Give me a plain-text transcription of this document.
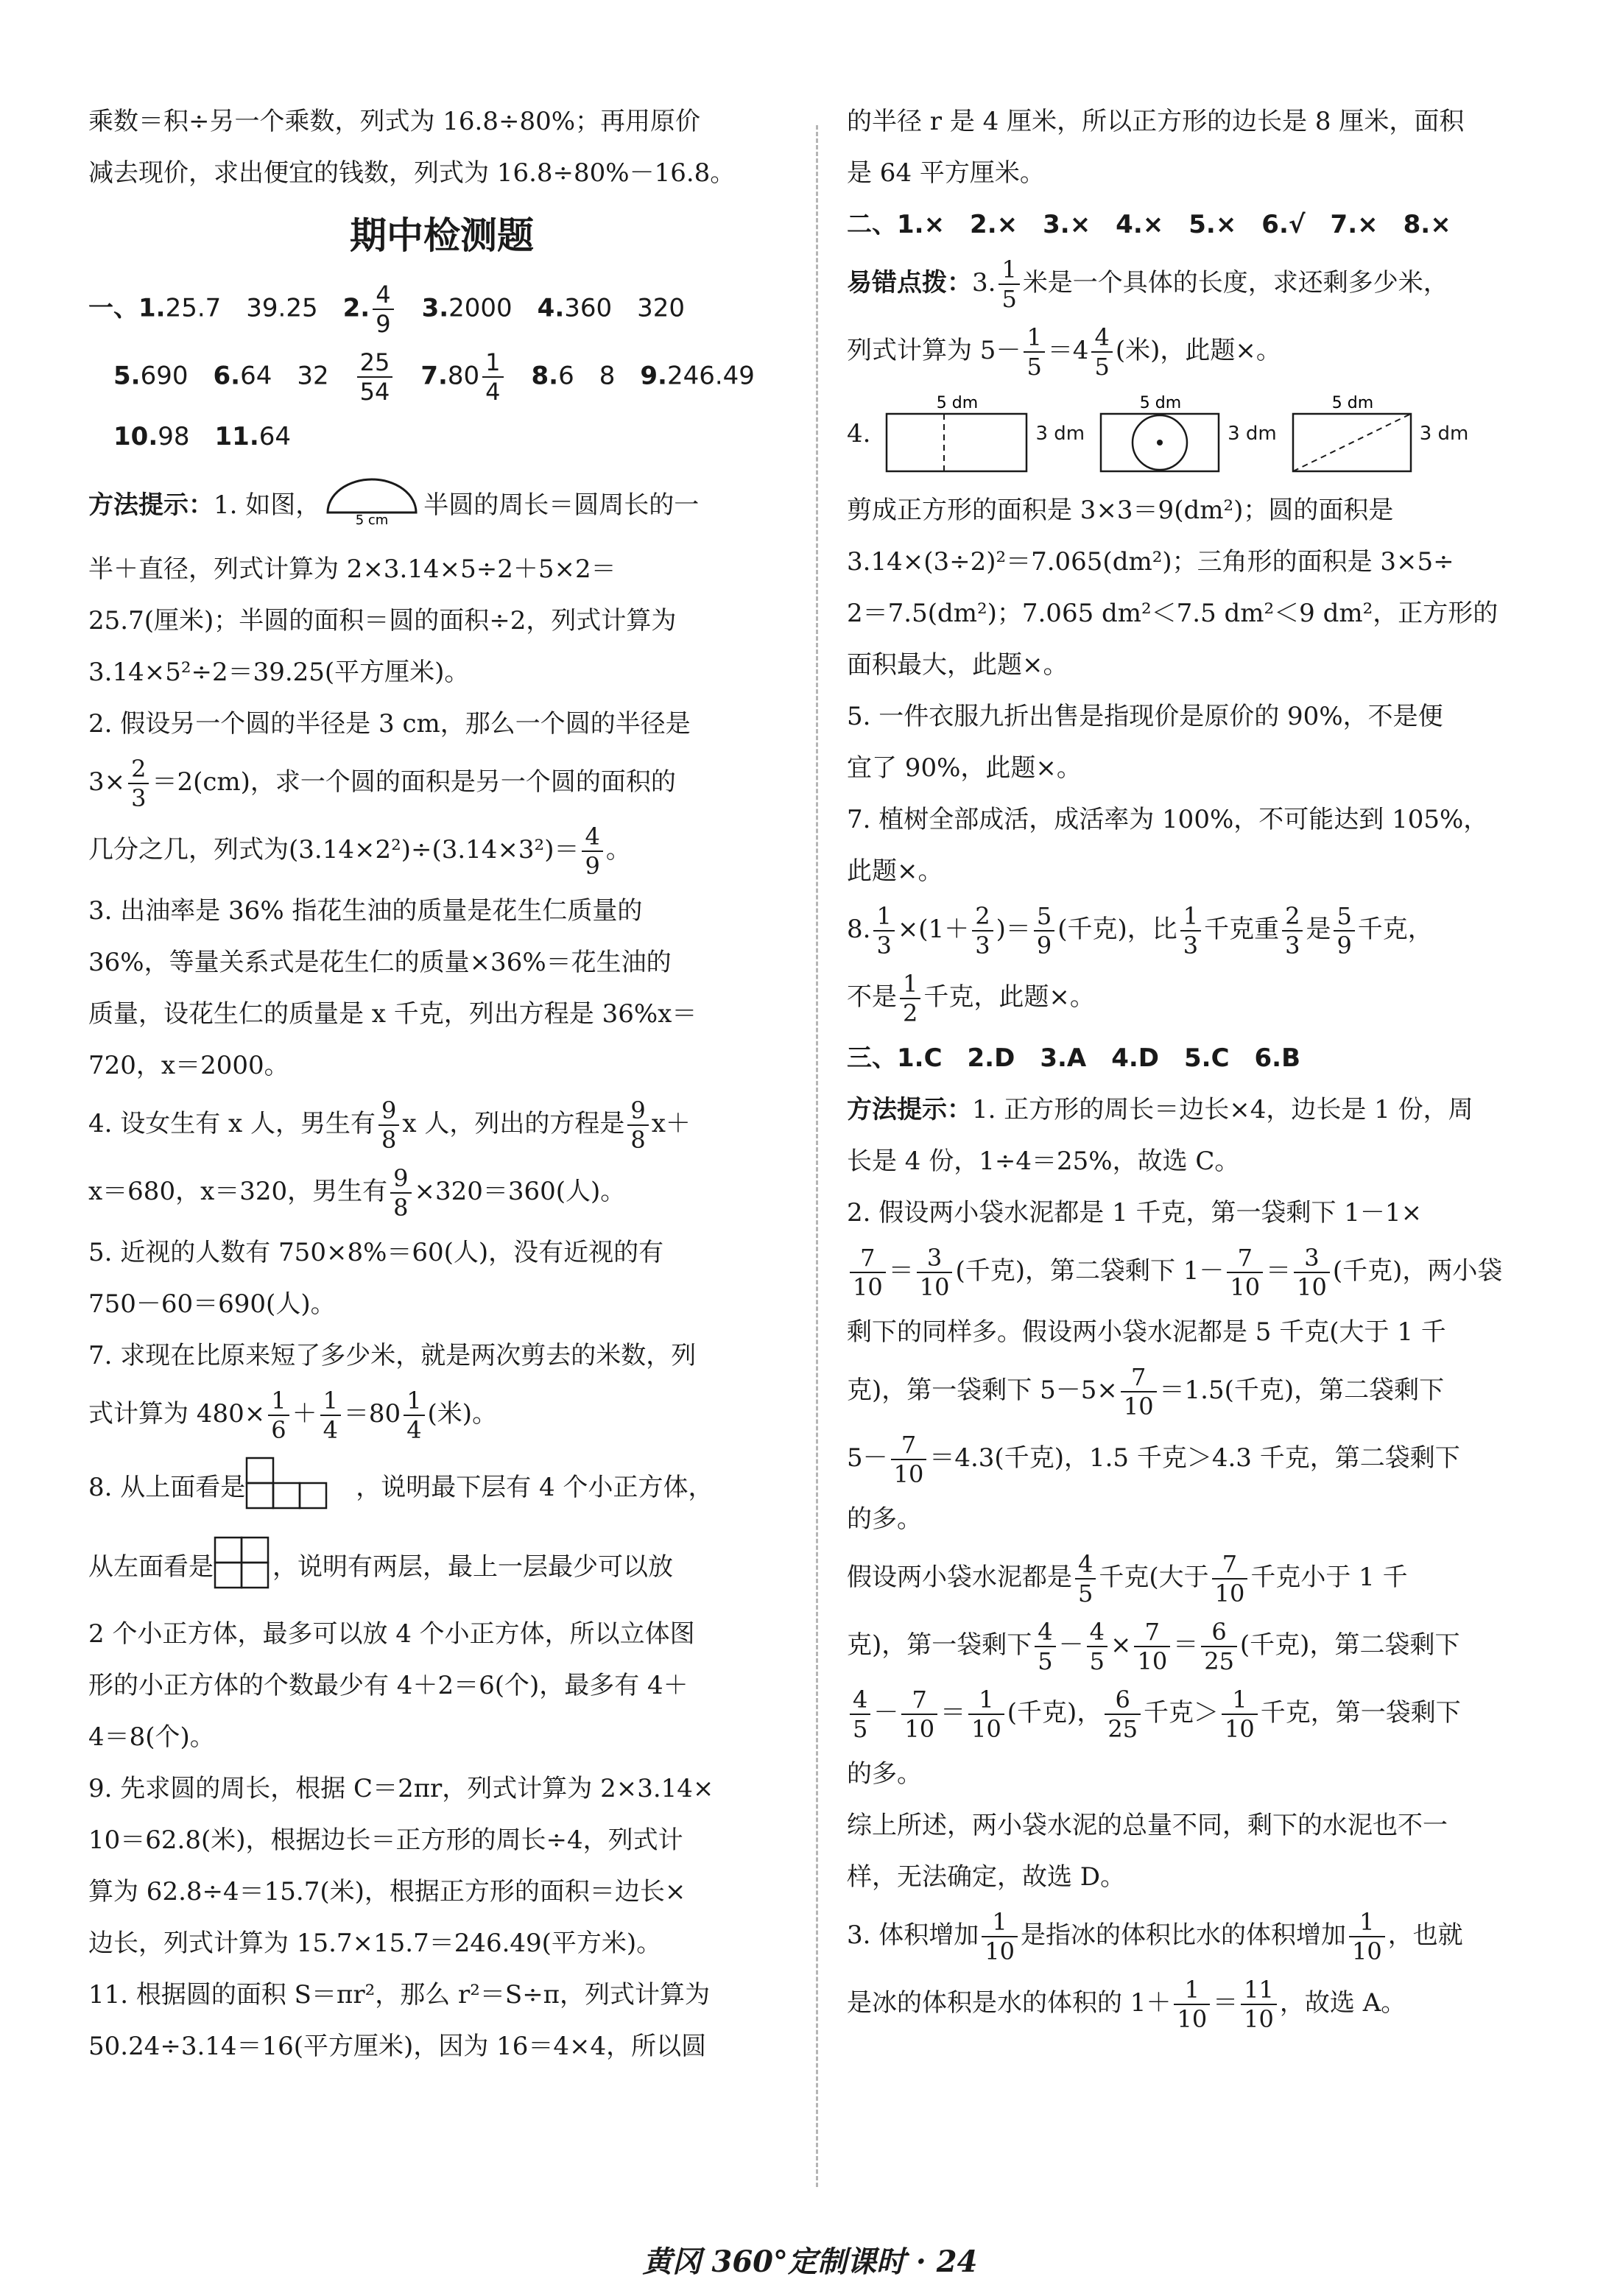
乘数＝积÷另一个乘数，列式为 16.8÷80%；再用原价
减去现价，求出便宜的钱数，列式为 16.8÷80%－16.8。
期中检测题
一、1.25.7　39.25　 2. $\frac{4}{9}$
　 3.2000　 4.360　320
　5.690　 6.64　32　 $\frac{25}{54}$
　 $7.80 \frac{1}{4}$
　 8.6　8　 9.246.49
　10.98　 11.64
方法提示：1. 如图，
5 cm
半圆的周长＝圆周长的一
半＋直径，列式计算为 2×3.14×5÷2＋5×2＝
25.7(厘米)；半圆的面积＝圆的面积÷2，列式计算为
3.14×5²÷2＝39.25(平方厘米)。
2. 假设另一个圆的半径是 3 cm，那么一个圆的半径是
$3\times \frac{2}{3} =2(cm)$，求一个圆的面积是另一个圆的面积的
几分之几，列式为$(3.14\times 2^2)\div(3.14\times 3^2)= \frac{4}{9}$ 。
3. 出油率是 36% 指花生油的质量是花生仁质量的
36%，等量关系式是花生仁的质量×36%＝花生油的
质量，设花生仁的质量是 x 千克，列出方程是 36%x＝
720，x＝2000。
4. 设女生有 x 人，男生有 $\frac{9}{8}$ x 人，列出的方程是 $\frac{9}{8} x+$
x＝680，x＝320，男生有 $\frac{9}{8} \times 320=360$(人)。
5. 近视的人数有 750×8%＝60(人)，没有近视的有
750－60＝690(人)。
7. 求现在比原来短了多少米，就是两次剪去的米数，列
式计算为 $480\times \frac{1}{6} + \frac{1}{4} =80 \frac{1}{4}$ (米)。
8. 从上面看是	，说明最下层有 4 个小正方体，
从左面看是 ，说明有两层，最上一层最少可以放
2 个小正方体，最多可以放 4 个小正方体，所以立体图
形的小正方体的个数最少有 4＋2＝6(个)，最多有 4＋
4＝8(个)。
9. 先求圆的周长，根据 C＝2πr，列式计算为 2×3.14×
10＝62.8(米)，根据边长＝正方形的周长÷4，列式计
算为 62.8÷4＝15.7(米)，根据正方形的面积＝边长×
边长，列式计算为 15.7×15.7＝246.49(平方米)。
11. 根据圆的面积 S＝πr²，那么 r²＝S÷π，列式计算为
50.24÷3.14＝16(平方厘米)，因为 16＝4×4，所以圆
的半径 r 是 4 厘米，所以正方形的边长是 8 厘米，面积
是 64 平方厘米。
二、1.×　2.×　3.×　4.×　5.×　6.√　7.×　8.×
易错点拨：3. $\frac{1}{5}$ 米是一个具体的长度，求还剩多少米，
列式计算为 $5- \frac{1}{5} =4 \frac{4}{5}$ (米)，此题×。
4.
5 dm
3 dm
5 dm
3 dm
5 dm
3 dm
剪成正方形的面积是 3×3＝9(dm²)；圆的面积是
3.14×(3÷2)²＝7.065(dm²)；三角形的面积是 3×5÷
2＝7.5(dm²)；7.065 dm²＜7.5 dm²＜9 dm²，正方形的
面积最大，此题×。
5. 一件衣服九折出售是指现价是原价的 90%，不是便
宜了 90%，此题×。
7. 植树全部成活，成活率为 100%，不可能达到 105%，
此题×。
8. $\frac{1}{3} \times(1+ \frac{2}{3}$ )＝ $\frac{5}{9}$ (千克)，比 $\frac{1}{3}$ 千克重 $\frac{2}{3}$ 是 $\frac{5}{9}$ 千克，
不是 $\frac{1}{2}$ 千克，此题×。
三、1.C　2.D　3.A　4.D　5.C　6.B
方法提示：1. 正方形的周长＝边长×4，边长是 1 份，周
长是 4 份，1÷4＝25%，故选 C。
2. 假设两小袋水泥都是 1 千克，第一袋剩下 1－1×
$\frac{7}{10} = \frac{3}{10}$ (千克)，第二袋剩下 $1- \frac{7}{10} = \frac{3}{10}$ (千克)，两小袋
剩下的同样多。假设两小袋水泥都是 5 千克(大于 1 千
克)，第一袋剩下 $5-5\times \frac{7}{10} =1.5$(千克)，第二袋剩下
$5- \frac{7}{10} =4.3$(千克)，1.5 千克＞4.3 千克，第二袋剩下
的多。
假设两小袋水泥都是 $\frac{4}{5}$ 千克(大于 $\frac{7}{10}$ 千克小于 1 千
克)，第一袋剩下 $\frac{4}{5} - \frac{4}{5} \times \frac{7}{10} = \frac{6}{25}$ (千克)，第二袋剩下
$\frac{4}{5} - \frac{7}{10} = \frac{1}{10}$ (千克)， $\frac{6}{25}$ 千克＞ $\frac{1}{10}$ 千克，第一袋剩下
的多。
综上所述，两小袋水泥的总量不同，剩下的水泥也不一
样，无法确定，故选 D。
3. 体积增加 $\frac{1}{10}$ 是指冰的体积比水的体积增加 $\frac{1}{10}$ ，也就
是冰的体积是水的体积的 $1+ \frac{1}{10} = \frac{11}{10}$ ，故选 A。
黄冈 360°定制课时 · 24
